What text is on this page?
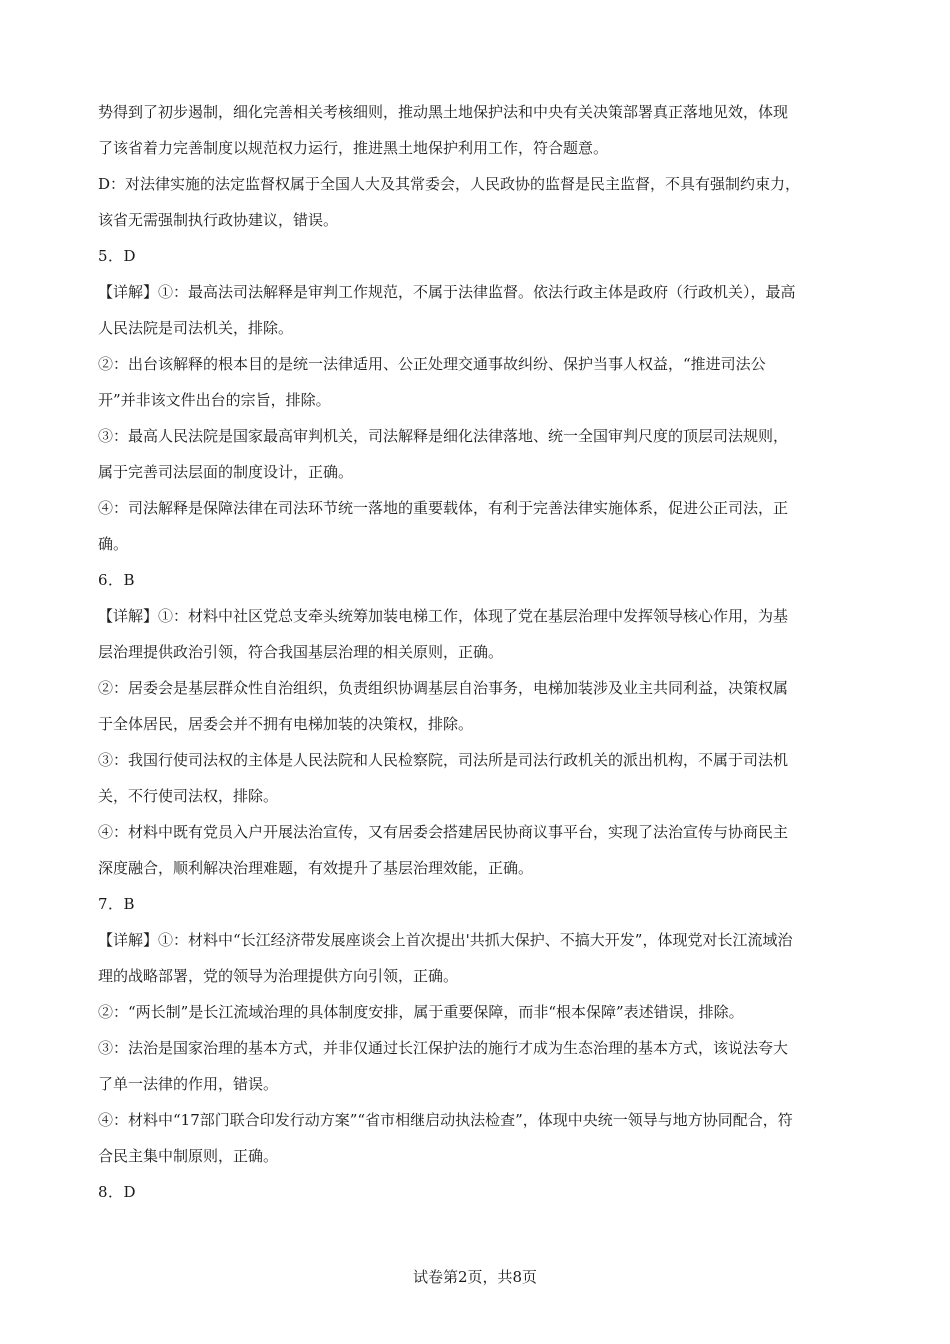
势得到了初步遏制，细化完善相关考核细则，推动黑土地保护法和中央有关决策部署真正落地见效，体现
了该省着力完善制度以规范权力运行，推进黑土地保护利用工作，符合题意。
D：对法律实施的法定监督权属于全国人大及其常委会，人民政协的监督是民主监督，不具有强制约束力，
该省无需强制执行政协建议，错误。
5．D
【详解】①：最高法司法解释是审判工作规范，不属于法律监督。依法行政主体是政府（行政机关），最高
人民法院是司法机关，排除。
②：出台该解释的根本目的是统一法律适用、公正处理交通事故纠纷、保护当事人权益，“推进司法公
开”并非该文件出台的宗旨，排除。
③：最高人民法院是国家最高审判机关，司法解释是细化法律落地、统一全国审判尺度的顶层司法规则，
属于完善司法层面的制度设计，正确。
④：司法解释是保障法律在司法环节统一落地的重要载体，有利于完善法律实施体系，促进公正司法，正
确。
6．B
【详解】①：材料中社区党总支牵头统筹加装电梯工作，体现了党在基层治理中发挥领导核心作用，为基
层治理提供政治引领，符合我国基层治理的相关原则，正确。
②：居委会是基层群众性自治组织，负责组织协调基层自治事务，电梯加装涉及业主共同利益，决策权属
于全体居民，居委会并不拥有电梯加装的决策权，排除。
③：我国行使司法权的主体是人民法院和人民检察院，司法所是司法行政机关的派出机构，不属于司法机
关，不行使司法权，排除。
④：材料中既有党员入户开展法治宣传，又有居委会搭建居民协商议事平台，实现了法治宣传与协商民主
深度融合，顺利解决治理难题，有效提升了基层治理效能，正确。
7．B
【详解】①：材料中“长江经济带发展座谈会上首次提出'共抓大保护、不搞大开发”，体现党对长江流域治
理的战略部署，党的领导为治理提供方向引领，正确。
②：“两长制”是长江流域治理的具体制度安排，属于重要保障，而非“根本保障”表述错误，排除。
③：法治是国家治理的基本方式，并非仅通过长江保护法的施行才成为生态治理的基本方式，该说法夸大
了单一法律的作用，错误。
④：材料中“17部门联合印发行动方案”“省市相继启动执法检查”，体现中央统一领导与地方协同配合，符
合民主集中制原则，正确。
8．D
试卷第2页，共8页
